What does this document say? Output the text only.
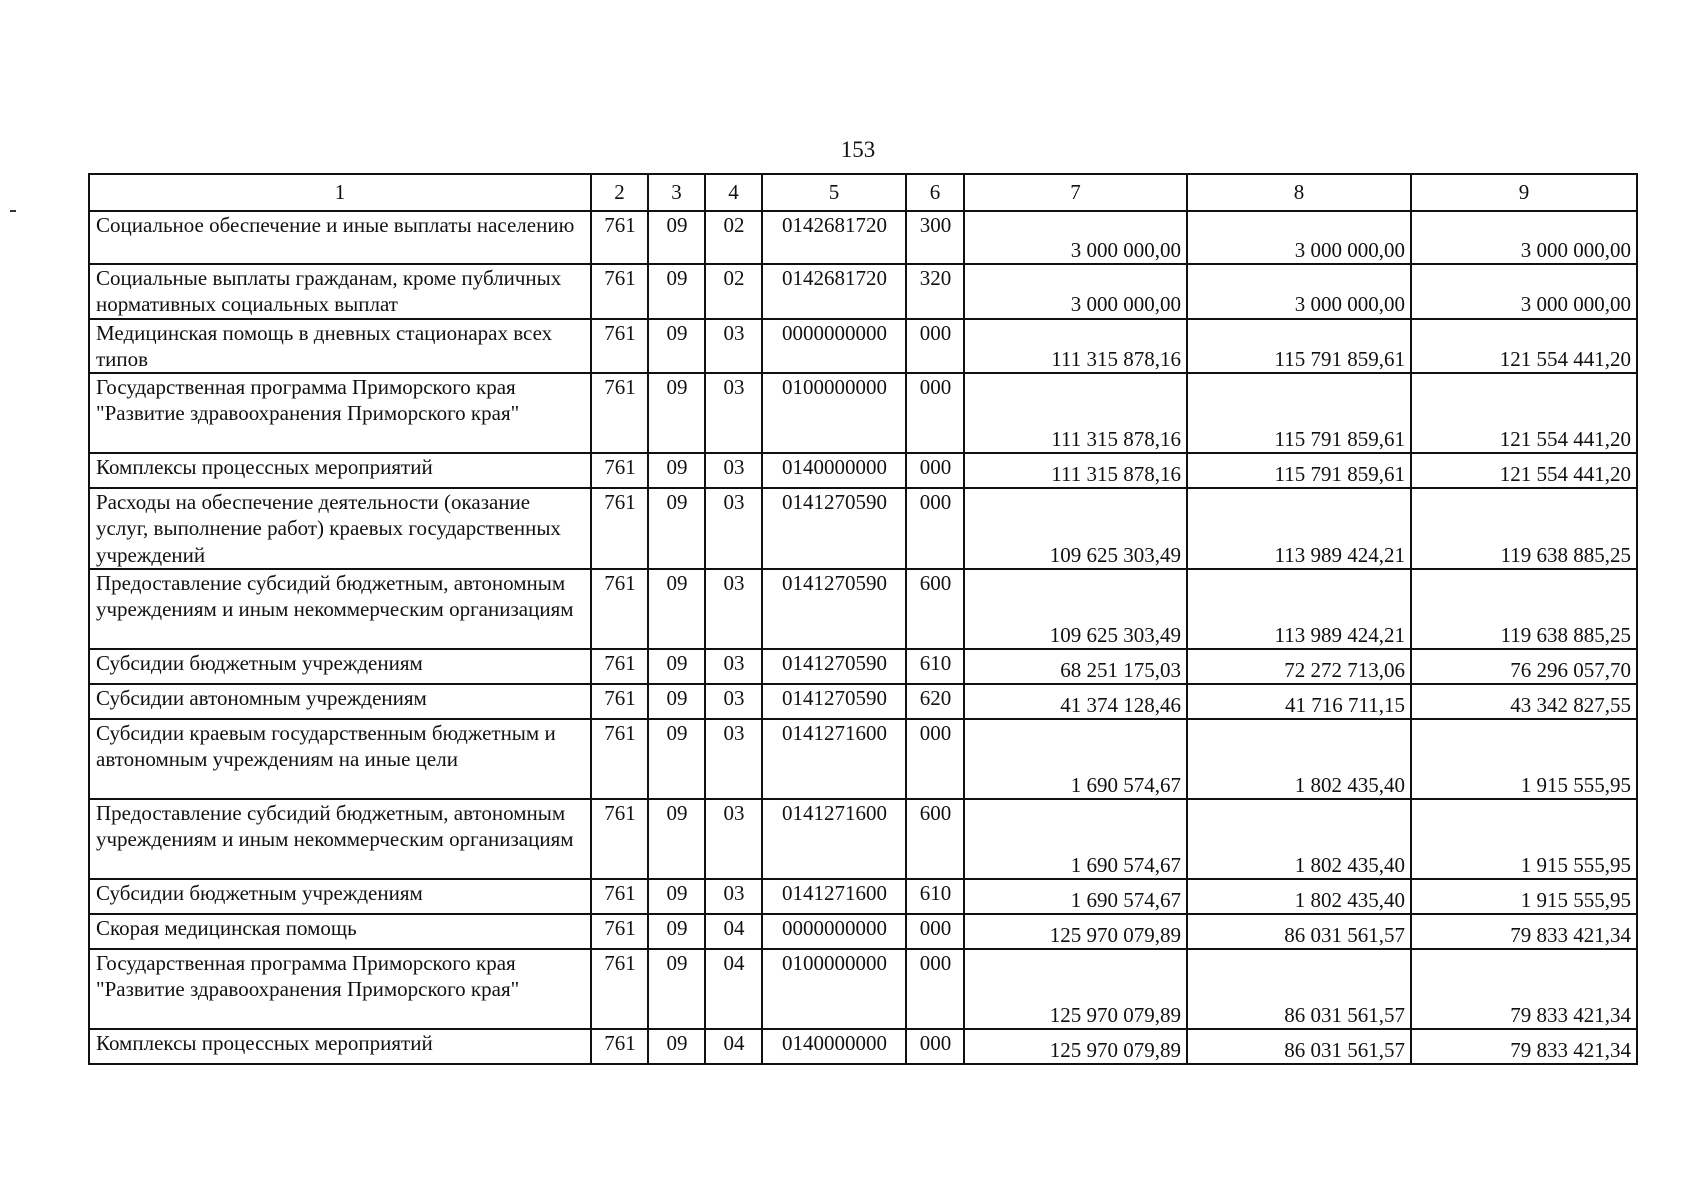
153
1	2	3	4	5	6	7	8	9
Социальное обеспечение и иные выплаты населению	761	09	02	0142681720	300	3 000 000,00	3 000 000,00	3 000 000,00
Социальные выплаты гражданам, кроме публичных нормативных социальных выплат	761	09	02	0142681720	320	3 000 000,00	3 000 000,00	3 000 000,00
Медицинская помощь в дневных стационарах всех типов	761	09	03	0000000000	000	111 315 878,16	115 791 859,61	121 554 441,20
Государственная программа Приморского края "Развитие здравоохранения Приморского края"	761	09	03	0100000000	000	111 315 878,16	115 791 859,61	121 554 441,20
Комплексы процессных мероприятий	761	09	03	0140000000	000	111 315 878,16	115 791 859,61	121 554 441,20
Расходы на обеспечение деятельности (оказание услуг, выполнение работ) краевых государственных учреждений	761	09	03	0141270590	000	109 625 303,49	113 989 424,21	119 638 885,25
Предоставление субсидий бюджетным, автономным учреждениям и иным некоммерческим организациям	761	09	03	0141270590	600	109 625 303,49	113 989 424,21	119 638 885,25
Субсидии бюджетным учреждениям	761	09	03	0141270590	610	68 251 175,03	72 272 713,06	76 296 057,70
Субсидии автономным учреждениям	761	09	03	0141270590	620	41 374 128,46	41 716 711,15	43 342 827,55
Субсидии краевым государственным бюджетным и автономным учреждениям на иные цели	761	09	03	0141271600	000	1 690 574,67	1 802 435,40	1 915 555,95
Предоставление субсидий бюджетным, автономным учреждениям и иным некоммерческим организациям	761	09	03	0141271600	600	1 690 574,67	1 802 435,40	1 915 555,95
Субсидии бюджетным учреждениям	761	09	03	0141271600	610	1 690 574,67	1 802 435,40	1 915 555,95
Скорая медицинская помощь	761	09	04	0000000000	000	125 970 079,89	86 031 561,57	79 833 421,34
Государственная программа Приморского края "Развитие здравоохранения Приморского края"	761	09	04	0100000000	000	125 970 079,89	86 031 561,57	79 833 421,34
Комплексы процессных мероприятий	761	09	04	0140000000	000	125 970 079,89	86 031 561,57	79 833 421,34
